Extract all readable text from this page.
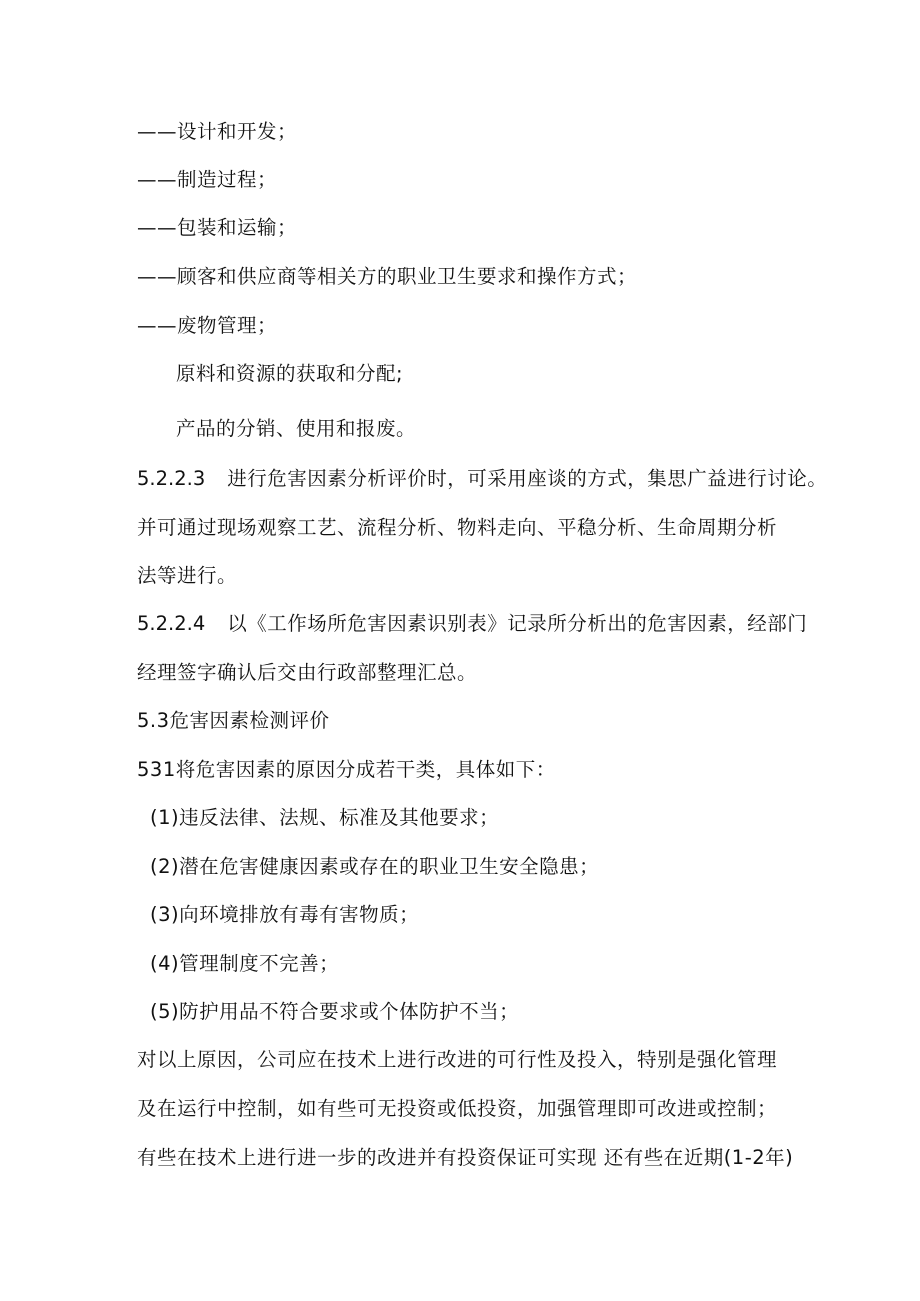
——设计和开发；
——制造过程；
——包装和运输；
——顾客和供应商等相关方的职业卫生要求和操作方式；
——废物管理；
原料和资源的获取和分配;
产品的分销、使用和报废。
5.2.2.3 进行危害因素分析评价时，可采用座谈的方式，集思广益进行讨论。
并可通过现场观察工艺、流程分析、物料走向、平稳分析、生命周期分析
法等进行。
5.2.2.4 以《工作场所危害因素识别表》记录所分析出的危害因素，经部门
经理签字确认后交由行政部整理汇总。
5.3危害因素检测评价
531将危害因素的原因分成若干类，具体如下：
(1)违反法律、法规、标准及其他要求；
(2)潜在危害健康因素或存在的职业卫生安全隐患；
(3)向环境排放有毒有害物质；
(4)管理制度不完善；
(5)防护用品不符合要求或个体防护不当；
对以上原因，公司应在技术上进行改进的可行性及投入，特别是强化管理
及在运行中控制，如有些可无投资或低投资，加强管理即可改进或控制；
有些在技术上进行进一步的改进并有投资保证可实现 还有些在近期(1-2年)
